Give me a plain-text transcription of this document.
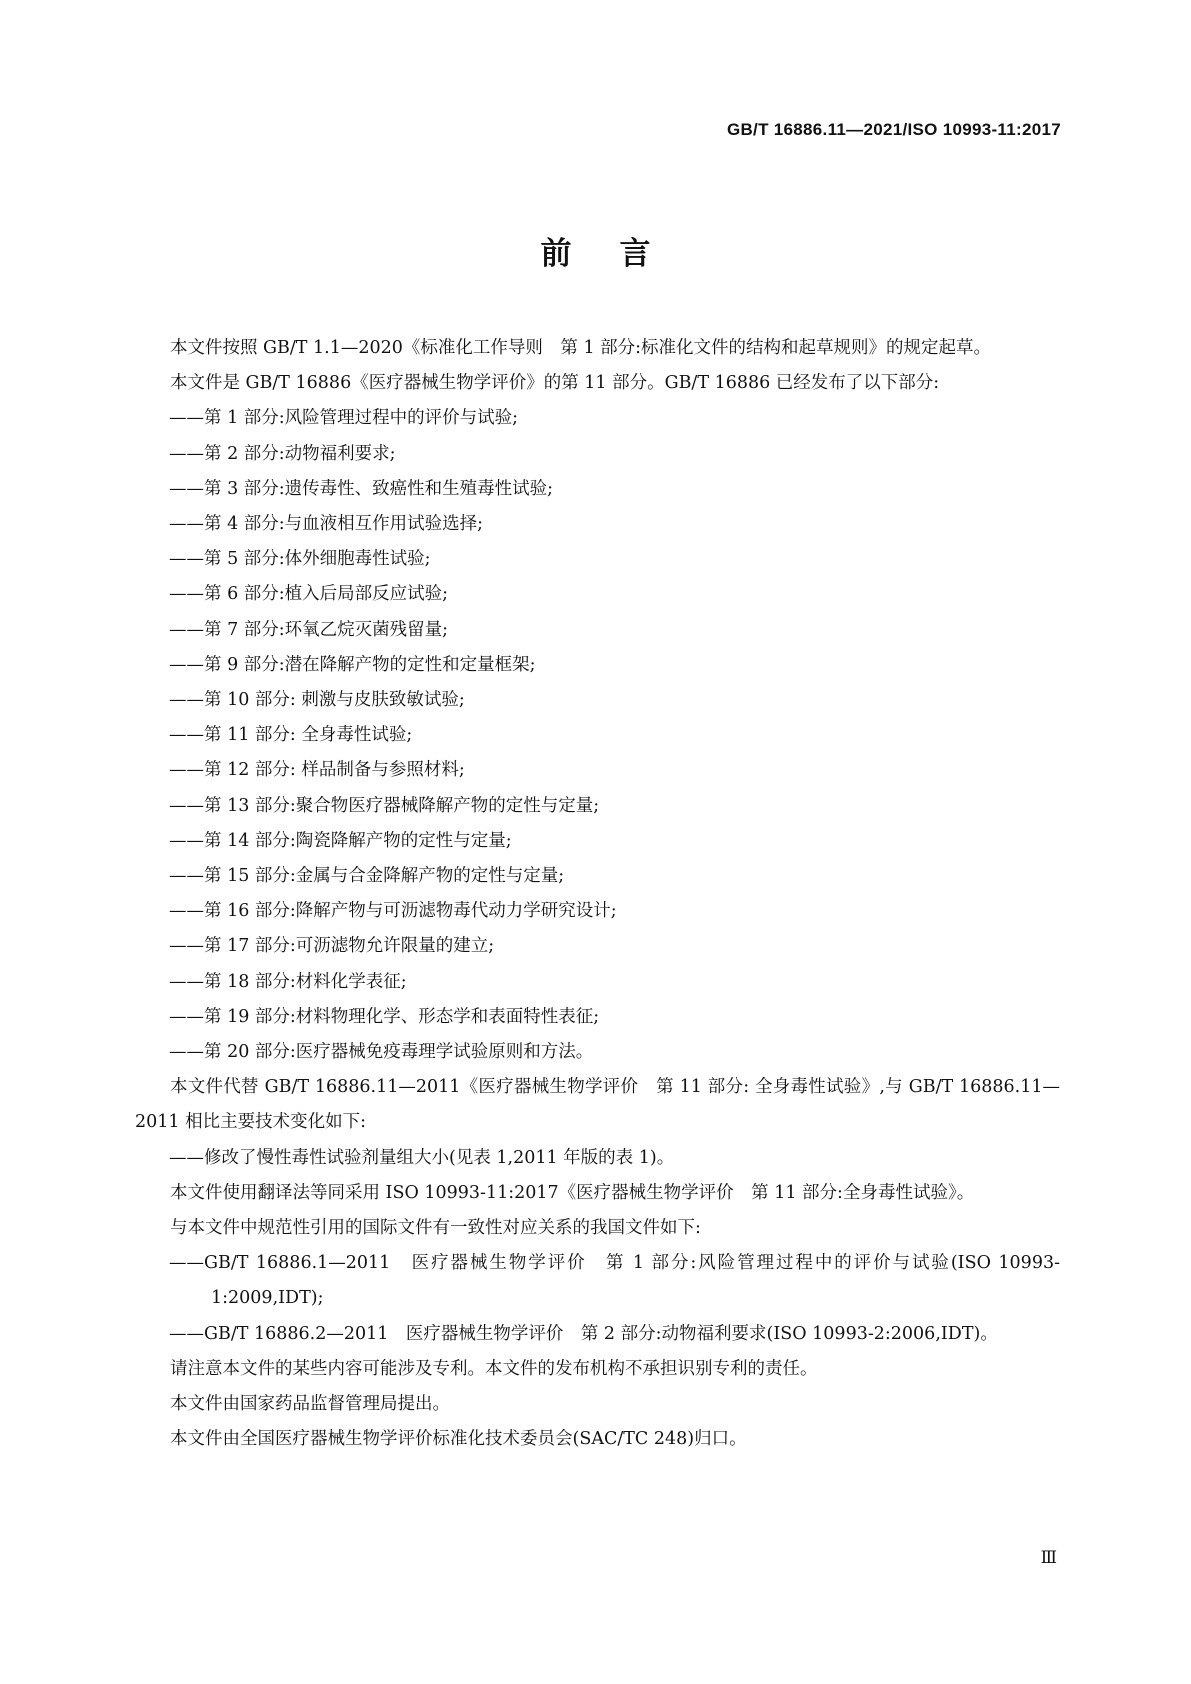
GB/T 16886.11—2021/ISO 10993-11:2017
前言

本文件按照 GB/T 1.1—2020《标准化工作导则　第 1 部分:标准化文件的结构和起草规则》的规定起草。

本文件是 GB/T 16886《医疗器械生物学评价》的第 11 部分。GB/T 16886 已经发布了以下部分:

——第 1 部分:风险管理过程中的评价与试验;

——第 2 部分:动物福利要求;

——第 3 部分:遗传毒性、致癌性和生殖毒性试验;

——第 4 部分:与血液相互作用试验选择;

——第 5 部分:体外细胞毒性试验;

——第 6 部分:植入后局部反应试验;

——第 7 部分:环氧乙烷灭菌残留量;

——第 9 部分:潜在降解产物的定性和定量框架;

——第 10 部分: 刺激与皮肤致敏试验;

——第 11 部分: 全身毒性试验;

——第 12 部分: 样品制备与参照材料;

——第 13 部分:聚合物医疗器械降解产物的定性与定量;

——第 14 部分:陶瓷降解产物的定性与定量;

——第 15 部分:金属与合金降解产物的定性与定量;

——第 16 部分:降解产物与可沥滤物毒代动力学研究设计;

——第 17 部分:可沥滤物允许限量的建立;

——第 18 部分:材料化学表征;

——第 19 部分:材料物理化学、形态学和表面特性表征;

——第 20 部分:医疗器械免疫毒理学试验原则和方法。

本文件代替 GB/T 16886.11—2011《医疗器械生物学评价　第 11 部分: 全身毒性试验》,与 GB/T 16886.11—2011 相比主要技术变化如下:

——修改了慢性毒性试验剂量组大小(见表 1,2011 年版的表 1)。

本文件使用翻译法等同采用 ISO 10993-11:2017《医疗器械生物学评价　第 11 部分:全身毒性试验》。

与本文件中规范性引用的国际文件有一致性对应关系的我国文件如下:

——GB/T 16886.1—2011　医疗器械生物学评价　第 1 部分:风险管理过程中的评价与试验(ISO 10993-1:2009,IDT);

——GB/T 16886.2—2011　医疗器械生物学评价　第 2 部分:动物福利要求(ISO 10993-2:2006,IDT)。

请注意本文件的某些内容可能涉及专利。本文件的发布机构不承担识别专利的责任。

本文件由国家药品监督管理局提出。

本文件由全国医疗器械生物学评价标准化技术委员会(SAC/TC 248)归口。

Ⅲ
